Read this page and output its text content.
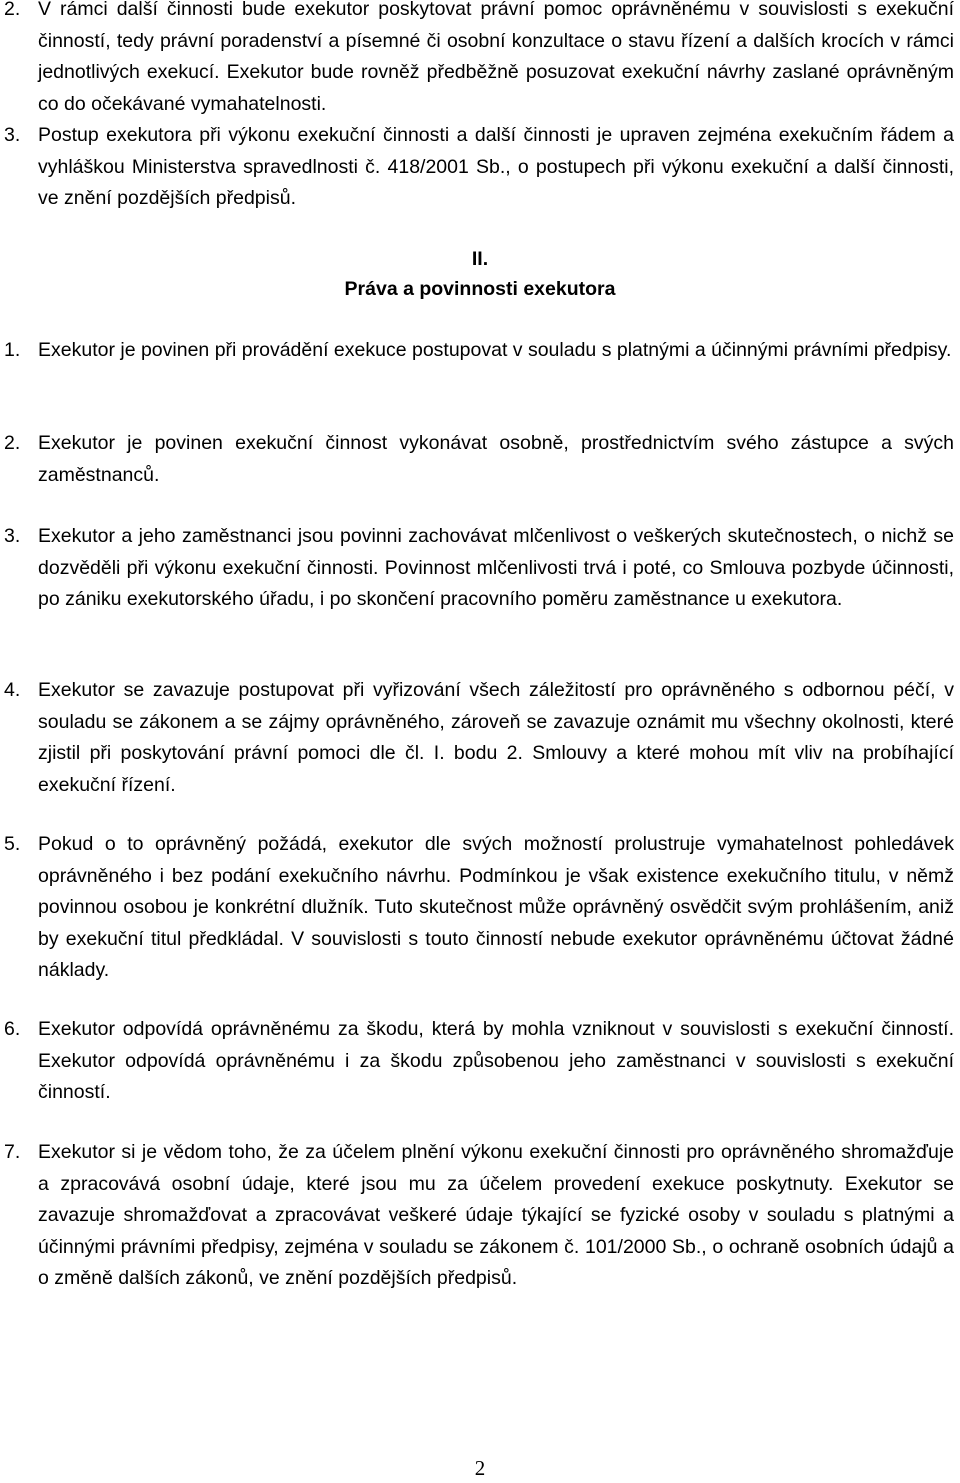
2. V rámci další činnosti bude exekutor poskytovat právní pomoc oprávněnému v souvislosti s exekuční činností, tedy právní poradenství a písemné či osobní konzultace o stavu řízení a dalších krocích v rámci jednotlivých exekucí. Exekutor bude rovněž předběžně posuzovat exekuční návrhy zaslané oprávněným co do očekávané vymahatelnosti.
3. Postup exekutora při výkonu exekuční činnosti a další činnosti je upraven zejména exekučním řádem a vyhláškou Ministerstva spravedlnosti č. 418/2001 Sb., o postupech při výkonu exekuční a další činnosti, ve znění pozdějších předpisů.
II.
Práva a povinnosti exekutora
1. Exekutor je povinen při provádění exekuce postupovat v souladu s platnými a účinnými právními předpisy.
2. Exekutor je povinen exekuční činnost vykonávat osobně, prostřednictvím svého zástupce a svých zaměstnanců.
3. Exekutor a jeho zaměstnanci jsou povinni zachovávat mlčenlivost o veškerých skutečnostech, o nichž se dozvěděli při výkonu exekuční činnosti. Povinnost mlčenlivosti trvá i poté, co Smlouva pozbyde účinnosti, po zániku exekutorského úřadu, i po skončení pracovního poměru zaměstnance u exekutora.
4. Exekutor se zavazuje postupovat při vyřizování všech záležitostí pro oprávněného s odbornou péčí, v souladu se zákonem a se zájmy oprávněného, zároveň se zavazuje oznámit mu všechny okolnosti, které zjistil při poskytování právní pomoci dle čl. I. bodu 2. Smlouvy a které mohou mít vliv na probíhající exekuční řízení.
5. Pokud o to oprávněný požádá, exekutor dle svých možností prolustruje vymahatelnost pohledávek oprávněného i bez podání exekučního návrhu. Podmínkou je však existence exekučního titulu, v němž povinnou osobou je konkrétní dlužník. Tuto skutečnost může oprávněný osvědčit svým prohlášením, aniž by exekuční titul předkládal. V souvislosti s touto činností nebude exekutor oprávněnému účtovat žádné náklady.
6. Exekutor odpovídá oprávněnému za škodu, která by mohla vzniknout v souvislosti s exekuční činností. Exekutor odpovídá oprávněnému i za škodu způsobenou jeho zaměstnanci v souvislosti s exekuční činností.
7. Exekutor si je vědom toho, že za účelem plnění výkonu exekuční činnosti pro oprávněného shromažďuje a zpracovává osobní údaje, které jsou mu za účelem provedení exekuce poskytnuty. Exekutor se zavazuje shromažďovat a zpracovávat veškeré údaje týkající se fyzické osoby v souladu s platnými a účinnými právními předpisy, zejména v souladu se zákonem č. 101/2000 Sb., o ochraně osobních údajů a o změně dalších zákonů, ve znění pozdějších předpisů.
2
